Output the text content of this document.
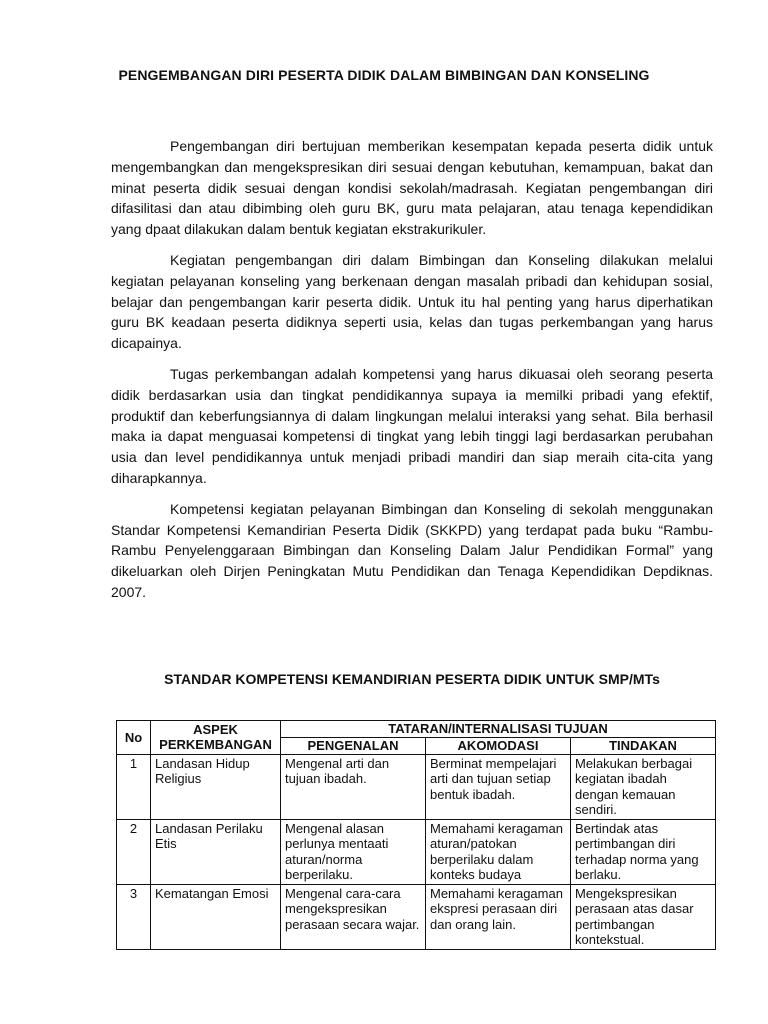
PENGEMBANGAN DIRI PESERTA DIDIK DALAM BIMBINGAN DAN KONSELING

Pengembangan diri bertujuan memberikan kesempatan kepada peserta didik untuk mengembangkan dan mengekspresikan diri sesuai dengan kebutuhan, kemampuan, bakat dan minat peserta didik sesuai dengan kondisi sekolah/madrasah. Kegiatan pengembangan diri difasilitasi dan atau dibimbing oleh guru BK, guru mata pelajaran, atau tenaga kependidikan yang dpaat dilakukan dalam bentuk kegiatan ekstrakurikuler.

Kegiatan pengembangan diri dalam Bimbingan dan Konseling dilakukan melalui kegiatan pelayanan konseling yang berkenaan dengan masalah pribadi dan kehidupan sosial, belajar dan pengembangan karir peserta didik. Untuk itu hal penting yang harus diperhatikan guru BK keadaan peserta didiknya seperti usia, kelas dan tugas perkembangan yang harus dicapainya.

Tugas perkembangan adalah kompetensi yang harus dikuasai oleh seorang peserta didik berdasarkan usia dan tingkat pendidikannya supaya ia memilki pribadi yang efektif, produktif dan keberfungsiannya di dalam lingkungan melalui interaksi yang sehat. Bila berhasil maka ia dapat menguasai kompetensi di tingkat yang lebih tinggi lagi berdasarkan perubahan usia dan level pendidikannya untuk menjadi pribadi mandiri dan siap meraih cita-cita yang diharapkannya.

Kompetensi kegiatan pelayanan Bimbingan dan Konseling di sekolah menggunakan Standar Kompetensi Kemandirian Peserta Didik (SKKPD) yang terdapat pada buku “Rambu-Rambu Penyelenggaraan Bimbingan dan Konseling Dalam Jalur Pendidikan Formal” yang dikeluarkan oleh Dirjen Peningkatan Mutu Pendidikan dan Tenaga Kependidikan Depdiknas. 2007.

STANDAR KOMPETENSI KEMANDIRIAN PESERTA DIDIK UNTUK SMP/MTs
No	ASPEK PERKEMBANGAN	TATARAN/INTERNALISASI TUJUAN		
		PENGENALAN	AKOMODASI	TINDAKAN
1	Landasan Hidup Religius	Mengenal arti dan tujuan ibadah.	Berminat mempelajari arti dan tujuan setiap bentuk ibadah.	Melakukan berbagai kegiatan ibadah dengan kemauan sendiri.
2	Landasan Perilaku Etis	Mengenal alasan perlunya mentaati aturan/norma berperilaku.	Memahami keragaman aturan/patokan berperilaku dalam konteks budaya	Bertindak atas pertimbangan diri terhadap norma yang berlaku.
3	Kematangan Emosi	Mengenal cara-cara mengekspresikan perasaan secara wajar.	Memahami keragaman ekspresi perasaan diri dan orang lain.	Mengekspresikan perasaan atas dasar pertimbangan kontekstual.
